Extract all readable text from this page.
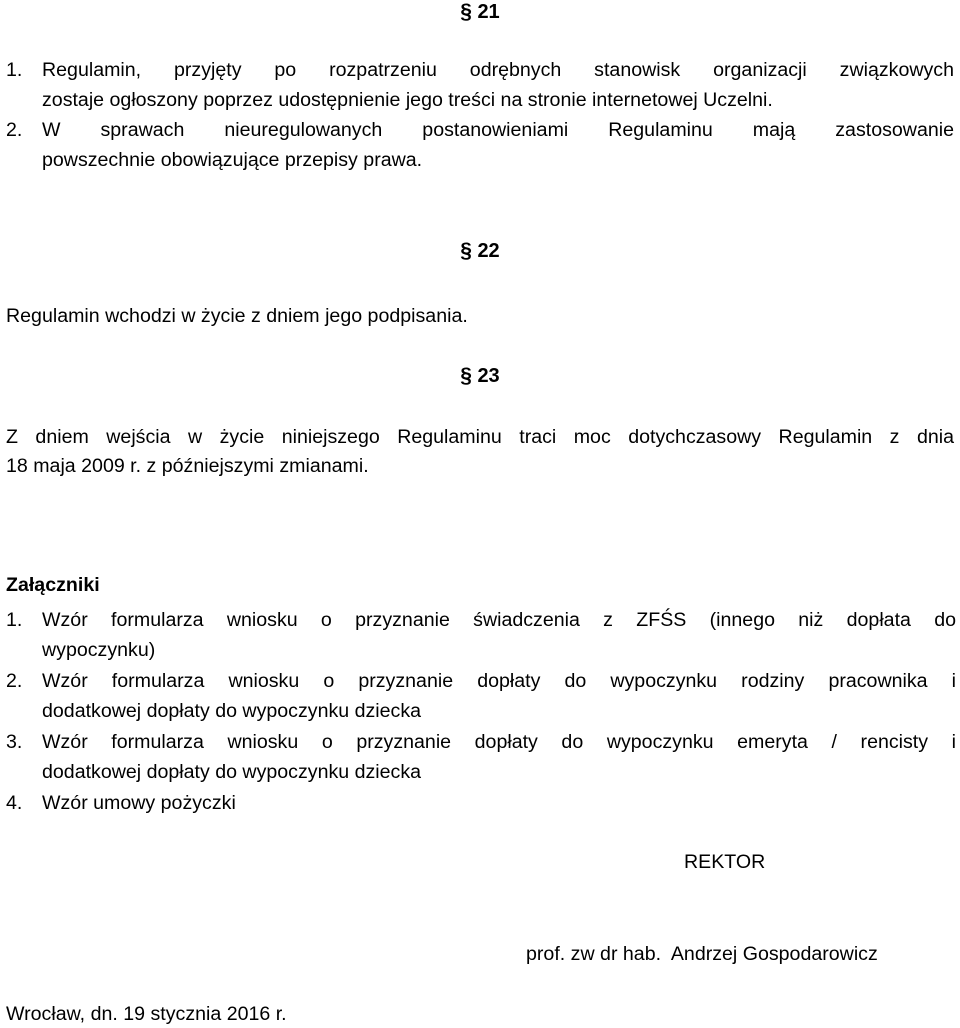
§ 21
1. Regulamin, przyjęty po rozpatrzeniu odrębnych stanowisk organizacji związkowych
zostaje ogłoszony poprzez udostępnienie jego treści na stronie internetowej Uczelni.
2. W sprawach nieuregulowanych postanowieniami Regulaminu mają zastosowanie
powszechnie obowiązujące przepisy prawa.
§ 22
Regulamin wchodzi w życie z dniem jego podpisania.
§ 23
Z dniem wejścia w życie niniejszego Regulaminu traci moc dotychczasowy Regulamin z dnia
18 maja 2009 r. z późniejszymi zmianami.
Załączniki
1. Wzór formularza wniosku o przyznanie świadczenia z ZFŚS (innego niż dopłata do
wypoczynku)
2. Wzór formularza wniosku o przyznanie dopłaty do wypoczynku rodziny pracownika i
dodatkowej dopłaty do wypoczynku dziecka
3. Wzór formularza wniosku o przyznanie dopłaty do wypoczynku emeryta / rencisty i
dodatkowej dopłaty do wypoczynku dziecka
4. Wzór umowy pożyczki
REKTOR
prof. zw dr hab.  Andrzej Gospodarowicz
Wrocław, dn. 19 stycznia 2016 r.
